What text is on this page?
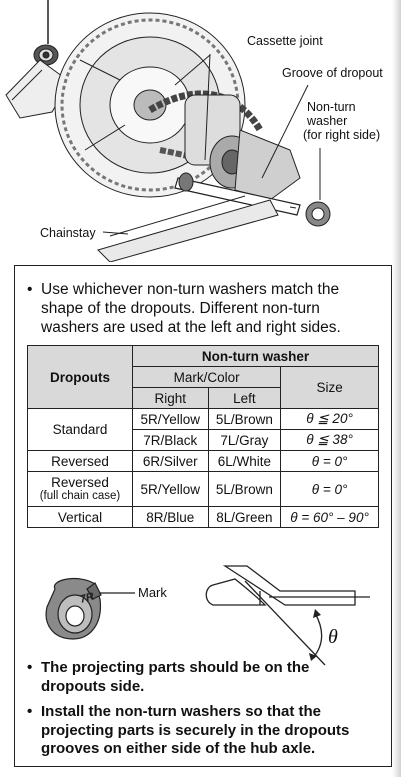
Cassette joint
Groove of dropout
Non-turn
washer
(for right side)
Chainstay
• Use whichever non-turn washers match the shape of the dropouts. Different non-turn washers are used at the left and right sides.
Dropouts	Non-turn washer		
	Mark/Color		Size
	Right	Left	
Standard	5R/Yellow	5L/Brown	θ ≦ 20°
	7R/Black	7L/Gray	θ ≦ 38°
Reversed	6R/Silver	6L/White	θ = 0°

Reversed
(full chain case)	5R/Yellow	5L/Brown	θ = 0°
Vertical	8R/Blue	8L/Green	θ = 60° – 90°
7R	Mark
θ
• The projecting parts should be on the dropouts side.
• Install the non-turn washers so that the projecting parts is securely in the dropouts grooves on either side of the hub axle.
